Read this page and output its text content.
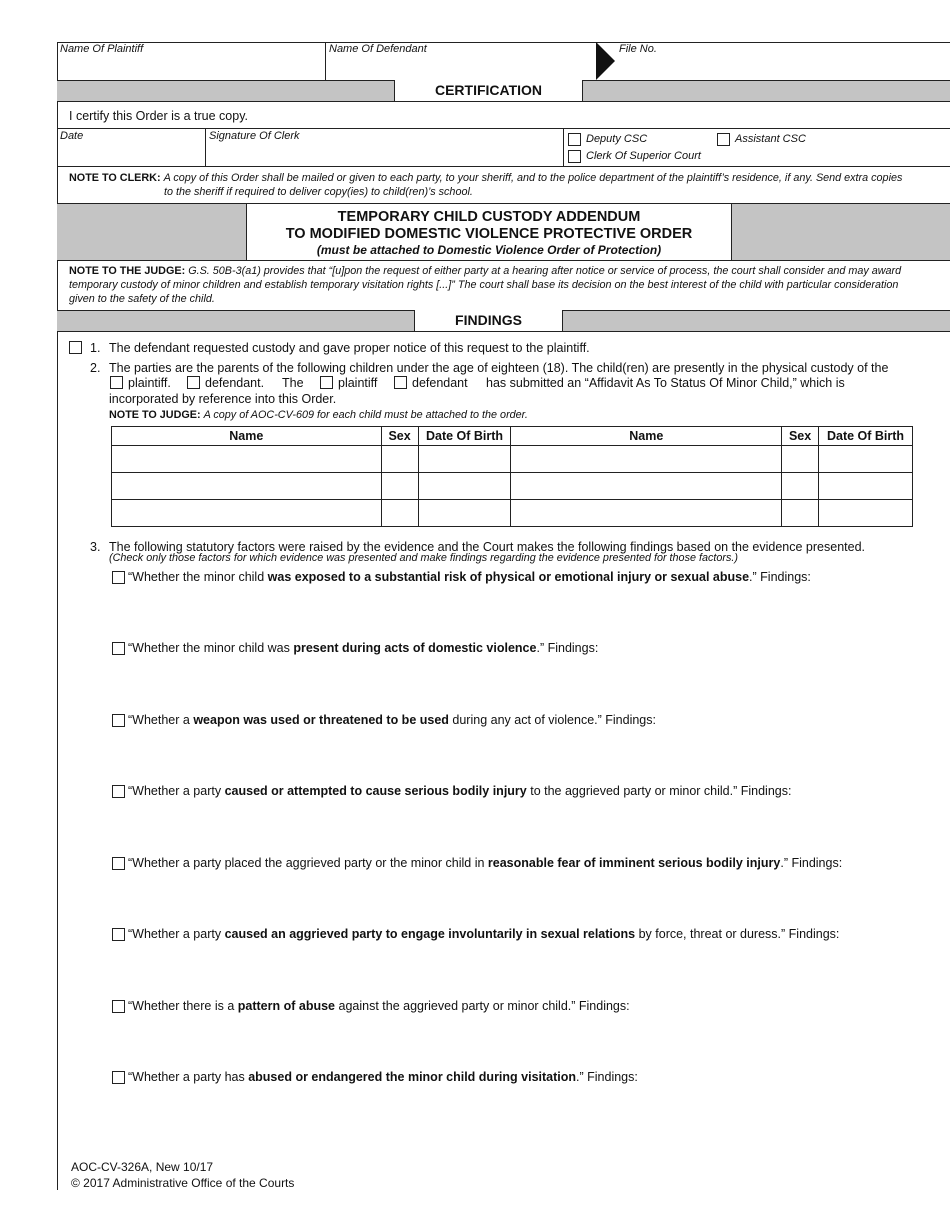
Name Of Plaintiff	Name Of Defendant	File No.
CERTIFICATION
I certify this Order is a true copy.
Date	Signature Of Clerk	Deputy CSC	Assistant CSC
Clerk Of Superior Court
NOTE TO CLERK: A copy of this Order shall be mailed or given to each party, to your sheriff, and to the police department of the plaintiff’s residence, if any. Send extra copies
to the sheriff if required to deliver copy(ies) to child(ren)’s school.
TEMPORARY CHILD CUSTODY ADDENDUM
TO MODIFIED DOMESTIC VIOLENCE PROTECTIVE ORDER
(must be attached to Domestic Violence Order of Protection)
NOTE TO THE JUDGE: G.S. 50B-3(a1) provides that “[u]pon the request of either party at a hearing after notice or service of process, the court shall consider and may award
temporary custody of minor children and establish temporary visitation rights [...]” The court shall base its decision on the best interest of the child with particular consideration
given to the safety of the child.
FINDINGS
1. The defendant requested custody and gave proper notice of this request to the plaintiff.
2. The parties are the parents of the following children under the age of eighteen (18). The child(ren) are presently in the physical custody of the
plaintiff.	defendant. The	plaintiff	defendant has submitted an “Affidavit As To Status Of Minor Child,” which is
incorporated by reference into this Order.
NOTE TO JUDGE: A copy of AOC-CV-609 for each child must be attached to the order.
Name	Sex	Date Of Birth	Name	Sex	Date Of Birth

3. The following statutory factors were raised by the evidence and the Court makes the following findings based on the evidence presented.
(Check only those factors for which evidence was presented and make findings regarding the evidence presented for those factors.)
“Whether the minor child was exposed to a substantial risk of physical or emotional injury or sexual abuse.” Findings:
“Whether the minor child was present during acts of domestic violence.” Findings:
“Whether a weapon was used or threatened to be used during any act of violence.” Findings:
“Whether a party caused or attempted to cause serious bodily injury to the aggrieved party or minor child.” Findings:
“Whether a party placed the aggrieved party or the minor child in reasonable fear of imminent serious bodily injury.” Findings:
“Whether a party caused an aggrieved party to engage involuntarily in sexual relations by force, threat or duress.” Findings:
“Whether there is a pattern of abuse against the aggrieved party or minor child.” Findings:
“Whether a party has abused or endangered the minor child during visitation.” Findings:
AOC-CV-326A, New 10/17
© 2017 Administrative Office of the Courts
